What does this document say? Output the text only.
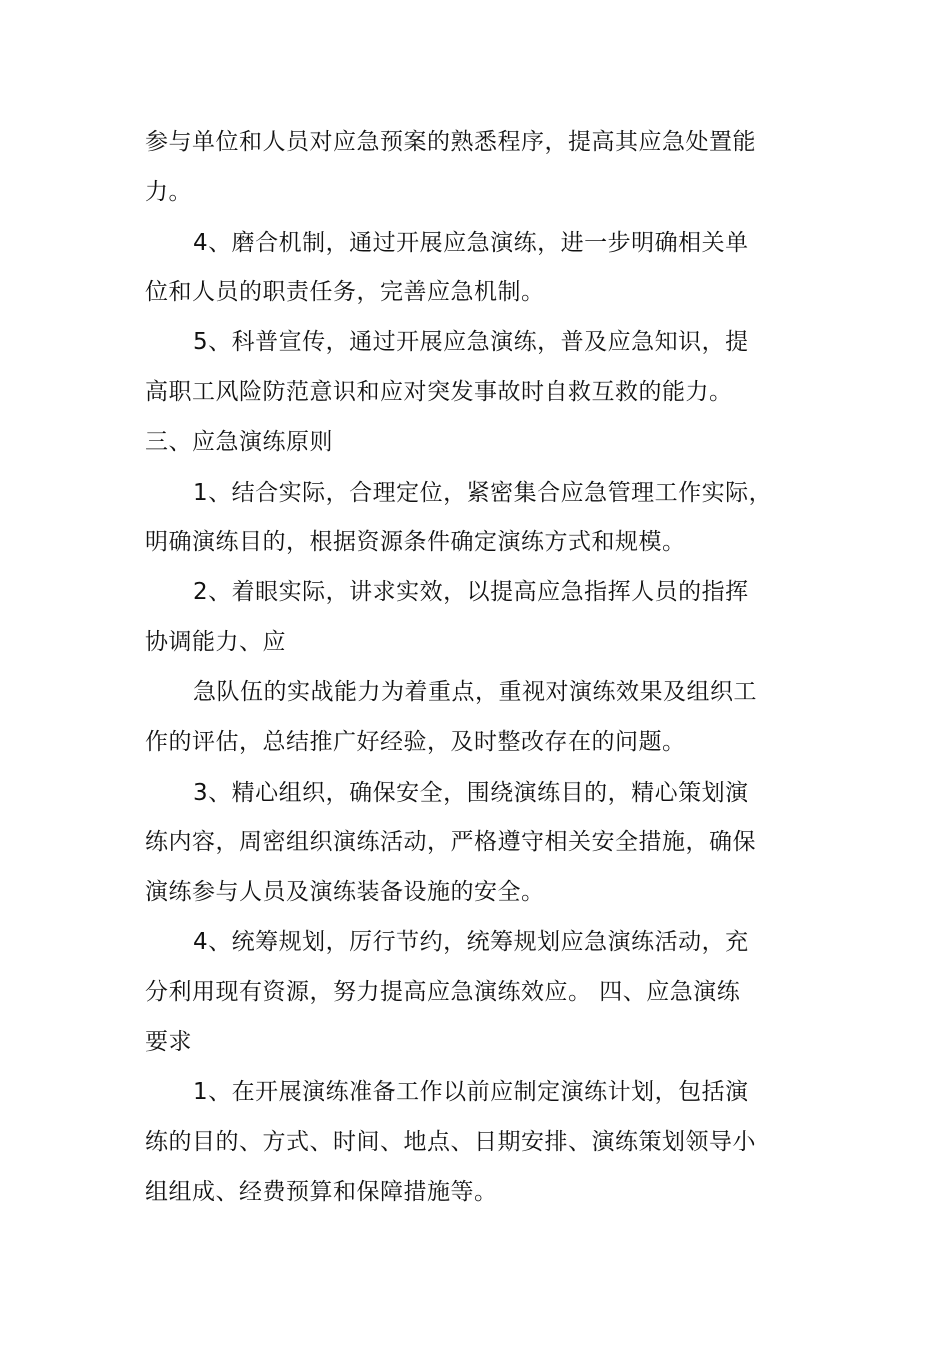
参与单位和人员对应急预案的熟悉程序，提高其应急处置能
力。
4、磨合机制，通过开展应急演练，进一步明确相关单
位和人员的职责任务，完善应急机制。
5、科普宣传，通过开展应急演练，普及应急知识，提
高职工风险防范意识和应对突发事故时自救互救的能力。
三、应急演练原则
1、结合实际，合理定位，紧密集合应急管理工作实际，
明确演练目的，根据资源条件确定演练方式和规模。
2、着眼实际，讲求实效，以提高应急指挥人员的指挥
协调能力、应
急队伍的实战能力为着重点，重视对演练效果及组织工
作的评估，总结推广好经验，及时整改存在的问题。
3、精心组织，确保安全，围绕演练目的，精心策划演
练内容，周密组织演练活动，严格遵守相关安全措施，确保
演练参与人员及演练装备设施的安全。
4、统筹规划，厉行节约，统筹规划应急演练活动，充
分利用现有资源，努力提高应急演练效应。 四、应急演练
要求
1、在开展演练准备工作以前应制定演练计划，包括演
练的目的、方式、时间、地点、日期安排、演练策划领导小
组组成、经费预算和保障措施等。
